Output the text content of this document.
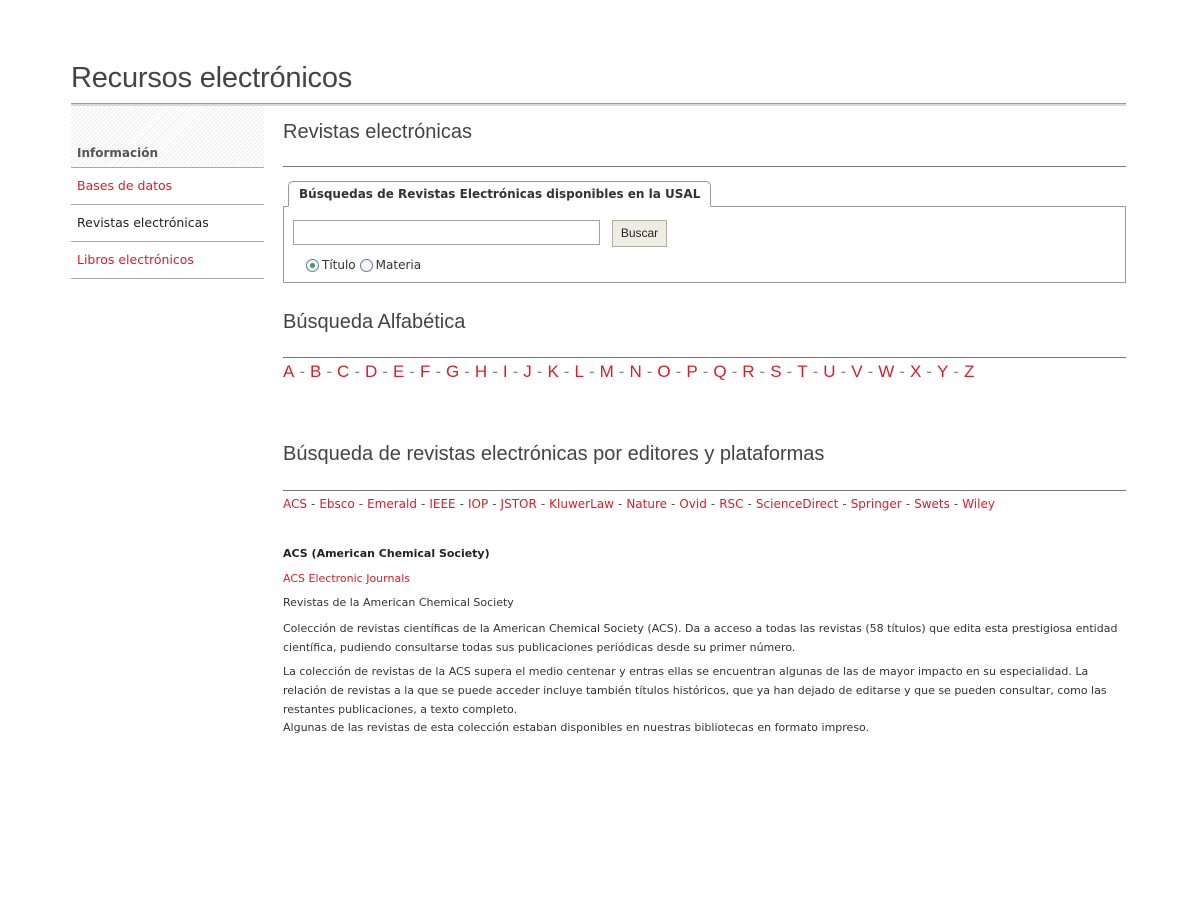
Recursos electrónicos
Información
Bases de datos
Revistas electrónicas
Libros electrónicos
Revistas electrónicas
Búsquedas de Revistas Electrónicas disponibles en la USAL
Buscar
Título Materia
Búsqueda Alfabética
A - B - C - D - E - F - G - H - I - J - K - L - M - N - O - P - Q - R - S - T - U - V - W - X - Y - Z
Búsqueda de revistas electrónicas por editores y plataformas
ACS - Ebsco - Emerald - IEEE - IOP - JSTOR - KluwerLaw - Nature - Ovid - RSC - ScienceDirect - Springer - Swets - Wiley
ACS (American Chemical Society)
ACS Electronic Journals
Revistas de la American Chemical Society
Colección de revistas científicas de la American Chemical Society (ACS). Da a acceso a todas las revistas (58 títulos) que edita esta prestigiosa entidad científica, pudiendo consultarse todas sus publicaciones periódicas desde su primer número.
La colección de revistas de la ACS supera el medio centenar y entras ellas se encuentran algunas de las de mayor impacto en su especialidad. La relación de revistas a la que se puede acceder incluye también títulos históricos, que ya han dejado de editarse y que se pueden consultar, como las restantes publicaciones, a texto completo.
Algunas de las revistas de esta colección estaban disponibles en nuestras bibliotecas en formato impreso.
